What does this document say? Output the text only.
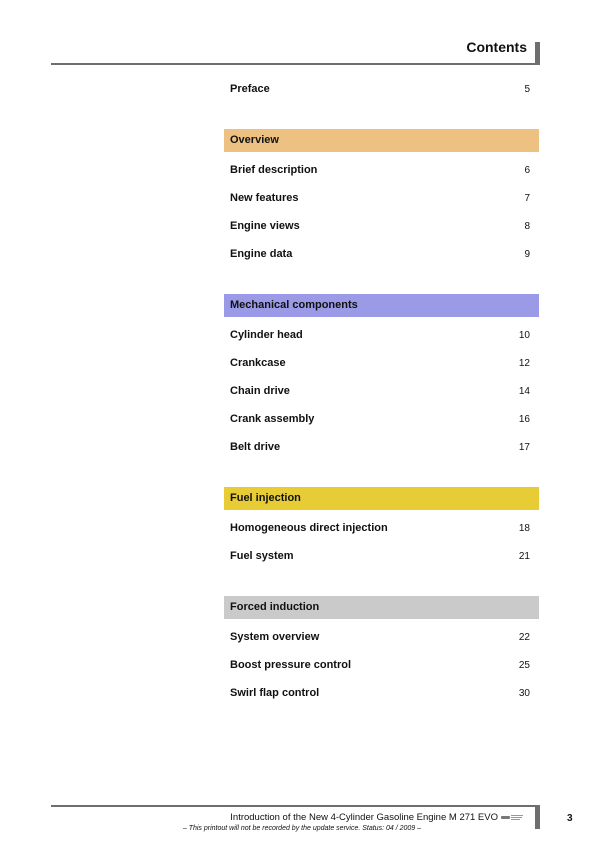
Contents
Preface	5
Overview
Brief description	6
New features	7
Engine views	8
Engine data	9
Mechanical components
Cylinder head	10
Crankcase	12
Chain drive	14
Crank assembly	16
Belt drive	17
Fuel injection
Homogeneous direct injection	18
Fuel system	21
Forced induction
System overview	22
Boost pressure control	25
Swirl flap control	30
Introduction of the New 4-Cylinder Gasoline Engine M 271 EVO
– This printout will not be recorded by the update service. Status: 04 / 2009 –
3
